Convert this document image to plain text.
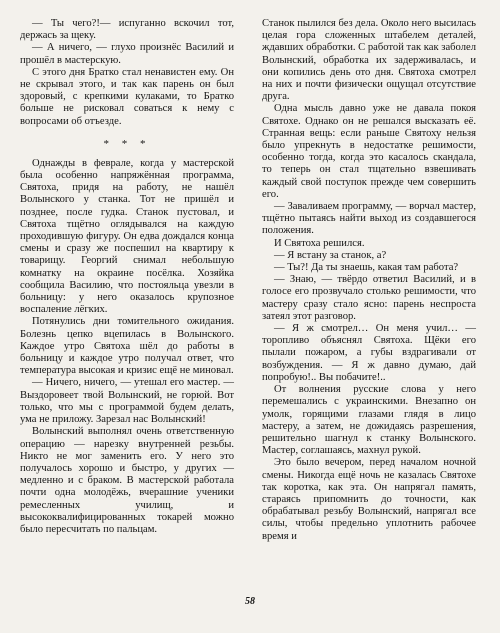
— Ты чего?!— испуганно вскочил тот, держась за щеку.

— А ничего, — глухо произнёс Василий и прошёл в мастерскую.

С этого дня Братко стал ненавистен ему. Он не скрывал этого, и так как парень он был здоровый, с крепкими кулаками, то Братко больше не рисковал соваться к нему с вопросами об отъезде.

* * *

Однажды в феврале, когда у мастерской была особенно напряжённая программа, Святоха, придя на работу, не нашёл Волынского у станка. Тот не пришёл и позднее, после гудка. Станок пустовал, и Святоха тщётно оглядывался на каждую проходившую фигуру. Он едва дождался конца смены и сразу же поспешил на квартиру к товарищу. Георгий снимал небольшую комнатку на окраине посёлка. Хозяйка сообщила Василию, что постояльца увезли в больницу: у него оказалось крупозное воспаление лёгких.

Потянулись дни томительного ожидания. Болезнь цепко вцепилась в Волынского. Каждое утро Святоха шёл до работы в больницу и каждое утро получал ответ, что температура высокая и кризис ещё не миновал.

— Ничего, ничего, — утешал его мастер. — Выздоровеет твой Волынский, не горюй. Вот только, что мы с программой будем делать, ума не приложу. Зарезал нас Волынский!

Волынский выполнял очень ответственную операцию — нарезку внутренней резьбы. Никто не мог заменить его. У него это получалось хорошо и быстро, у других — медленно и с браком. В мастерской работала почти одна молодёжь, вчерашние ученики ремесленных училищ, и высококвалифицированных токарей можно было пересчитать по пальцам.

Станок пылился без дела. Около него высилась целая гора сложенных штабелем деталей, ждавших обработки. С работой так как заболел Волынский, обработка их задерживалась, и они копились день ото дня. Святоха смотрел на них и почти физически ощущал отсутствие друга.

Одна мысль давно уже не давала покоя Святохе. Однако он не решался высказать её. Странная вещь: если раньше Святоху нельзя было упрекнуть в недостатке решимости, особенно тогда, когда это касалось скандала, то теперь он стал тщательно взвешивать каждый свой поступок прежде чем совершить его.

— Заваливаем программу, — ворчал мастер, тщётно пытаясь найти выход из создавшегося положения.

И Святоха решился.

— Я встану за станок, а?

— Ты?! Да ты знаешь, какая там работа?

— Знаю, — твёрдо ответил Василий, и в голосе его прозвучало столько решимости, что мастеру сразу стало ясно: парень неспроста затеял этот разговор.

— Я ж смотрел… Он меня учил… — торопливо объяснял Святоха. Щёки его пылали пожаром, а губы вздрагивали от возбуждения. — Я ж давно думаю, дай попробую!.. Вы побачите!..

От волнения русские слова у него перемешались с украинскими. Внезапно он умолк, горящими глазами глядя в лицо мастеру, а затем, не дожидаясь разрешения, решительно шагнул к станку Волынского. Мастер, соглашаясь, махнул рукой.

Это было вечером, перед началом ночной смены. Никогда ещё ночь не казалась Святохе так коротка, как эта. Он напрягал память, стараясь припомнить до точности, как обрабатывал резьбу Волынский, напрягал все силы, чтобы предельно уплотнить рабочее время и

58
